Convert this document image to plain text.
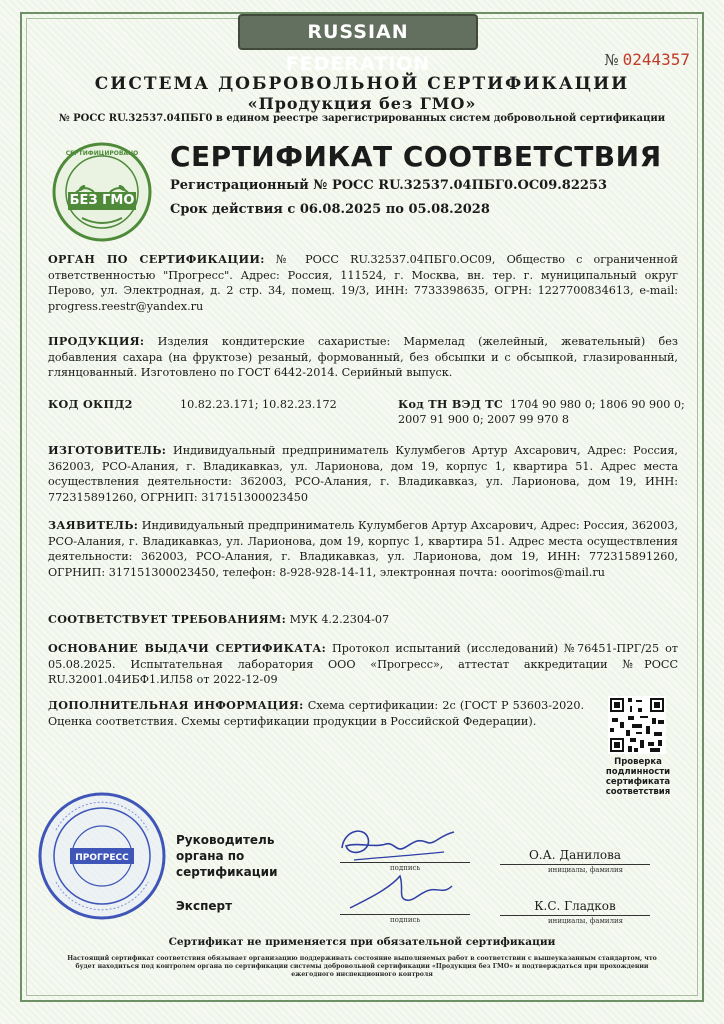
RUSSIAN FEDERATION	№ 0244357
СИСТЕМА ДОБРОВОЛЬНОЙ СЕРТИФИКАЦИИ
«Продукция без ГМО»
№ РОСС RU.32537.04ПБГ0 в едином реестре зарегистрированных систем добровольной сертификации
СЕРТИФИЦИРОВАНО
БЕЗ ГМО
СЕРТИФИКАТ СООТВЕТСТВИЯ
Регистрационный № РОСС RU.32537.04ПБГ0.ОС09.82253
Срок действия с 06.08.2025 по 05.08.2028
ОРГАН ПО СЕРТИФИКАЦИИ: № РОСС RU.32537.04ПБГ0.ОС09, Общество с ограниченной ответственностью "Прогресс". Адрес: Россия, 111524, г. Москва, вн. тер. г. муниципальный округ Перово, ул. Электродная, д. 2 стр. 34, помещ. 19/3, ИНН: 7733398635, ОГРН: 1227700834613, e-mail: progress.reestr@yandex.ru
ПРОДУКЦИЯ: Изделия кондитерские сахаристые: Мармелад (желейный, жевательный) без добавления сахара (на фруктозе) резаный, формованный, без обсыпки и с обсыпкой, глазированный, глянцованный. Изготовлено по ГОСТ 6442-2014. Серийный выпуск.
КОД ОКПД2	10.82.23.171; 10.82.23.172	Код ТН ВЭД ТС 1704 90 980 0; 1806 90 900 0;
2007 91 900 0; 2007 99 970 8
ИЗГОТОВИТЕЛЬ: Индивидуальный предприниматель Кулумбегов Артур Ахсарович, Адрес: Россия, 362003, РСО-Алания, г. Владикавказ, ул. Ларионова, дом 19, корпус 1, квартира 51. Адрес места осуществления деятельности: 362003, РСО-Алания, г. Владикавказ, ул. Ларионова, дом 19, ИНН: 772315891260, ОГРНИП: 317151300023450
ЗАЯВИТЕЛЬ: Индивидуальный предприниматель Кулумбегов Артур Ахсарович, Адрес: Россия, 362003, РСО-Алания, г. Владикавказ, ул. Ларионова, дом 19, корпус 1, квартира 51. Адрес места осуществления деятельности: 362003, РСО-Алания, г. Владикавказ, ул. Ларионова, дом 19, ИНН: 772315891260, ОГРНИП: 317151300023450, телефон: 8-928-928-14-11, электронная почта: ooorimos@mail.ru
СООТВЕТСТВУЕТ ТРЕБОВАНИЯМ: МУК 4.2.2304-07
ОСНОВАНИЕ ВЫДАЧИ СЕРТИФИКАТА: Протокол испытаний (исследований) №76451-ПРГ/25 от 05.08.2025. Испытательная лаборатория ООО «Прогресс», аттестат аккредитации №РОСС RU.32001.04ИБФ1.ИЛ58 от 2022-12-09
ДОПОЛНИТЕЛЬНАЯ ИНФОРМАЦИЯ: Схема сертификации: 2с (ГОСТ Р 53603-2020. Оценка соответствия. Схемы сертификации продукции в Российской Федерации).
Проверка подлинности сертификата соответствия
ПРОГРЕСС
Руководитель органа по сертификации	подпись
О.А. Данилова
инициалы, фамилия
Эксперт
подпись
К.С. Гладков
инициалы, фамилия
Сертификат не применяется при обязательной сертификации
Настоящий сертификат соответствия обязывает организацию поддерживать состояние выполняемых работ в соответствии с вышеуказанным стандартом, что будет находиться под контролем органа по сертификации системы добровольной сертификации «Продукция без ГМО» и подтверждаться при прохождении ежегодного инспекционного контроля
